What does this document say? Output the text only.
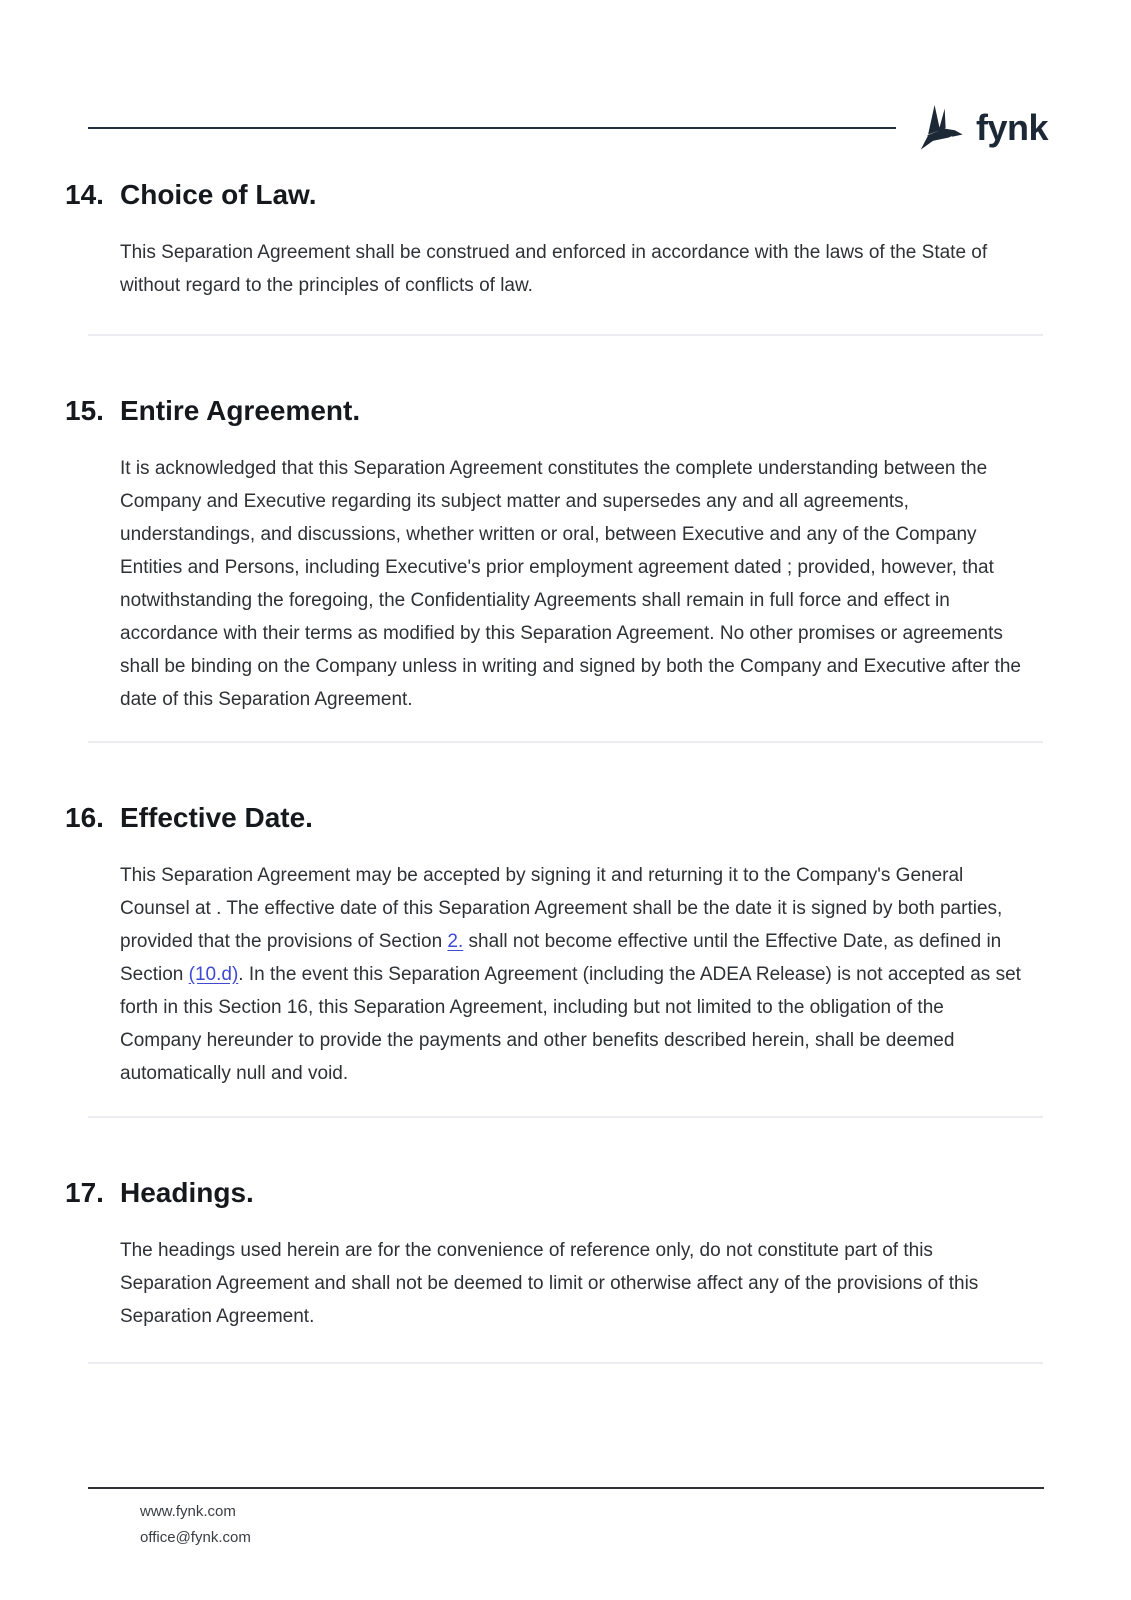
fynk
14. Choice of Law.

This Separation Agreement shall be construed and enforced in accordance with the laws of the State of without regard to the principles of conflicts of law.

15. Entire Agreement.

It is acknowledged that this Separation Agreement constitutes the complete understanding between the Company and Executive regarding its subject matter and supersedes any and all agreements, understandings, and discussions, whether written or oral, between Executive and any of the Company Entities and Persons, including Executive's prior employment agreement dated ; provided, however, that notwithstanding the foregoing, the Confidentiality Agreements shall remain in full force and effect in accordance with their terms as modified by this Separation Agreement. No other promises or agreements shall be binding on the Company unless in writing and signed by both the Company and Executive after the date of this Separation Agreement.

16. Effective Date.

This Separation Agreement may be accepted by signing it and returning it to the Company's General Counsel at . The effective date of this Separation Agreement shall be the date it is signed by both parties, provided that the provisions of Section 2. shall not become effective until the Effective Date, as defined in Section (10.d). In the event this Separation Agreement (including the ADEA Release) is not accepted as set forth in this Section 16, this Separation Agreement, including but not limited to the obligation of the Company hereunder to provide the payments and other benefits described herein, shall be deemed automatically null and void.

17. Headings.

The headings used herein are for the convenience of reference only, do not constitute part of this Separation Agreement and shall not be deemed to limit or otherwise affect any of the provisions of this Separation Agreement.

www.fynk.com
office@fynk.com
